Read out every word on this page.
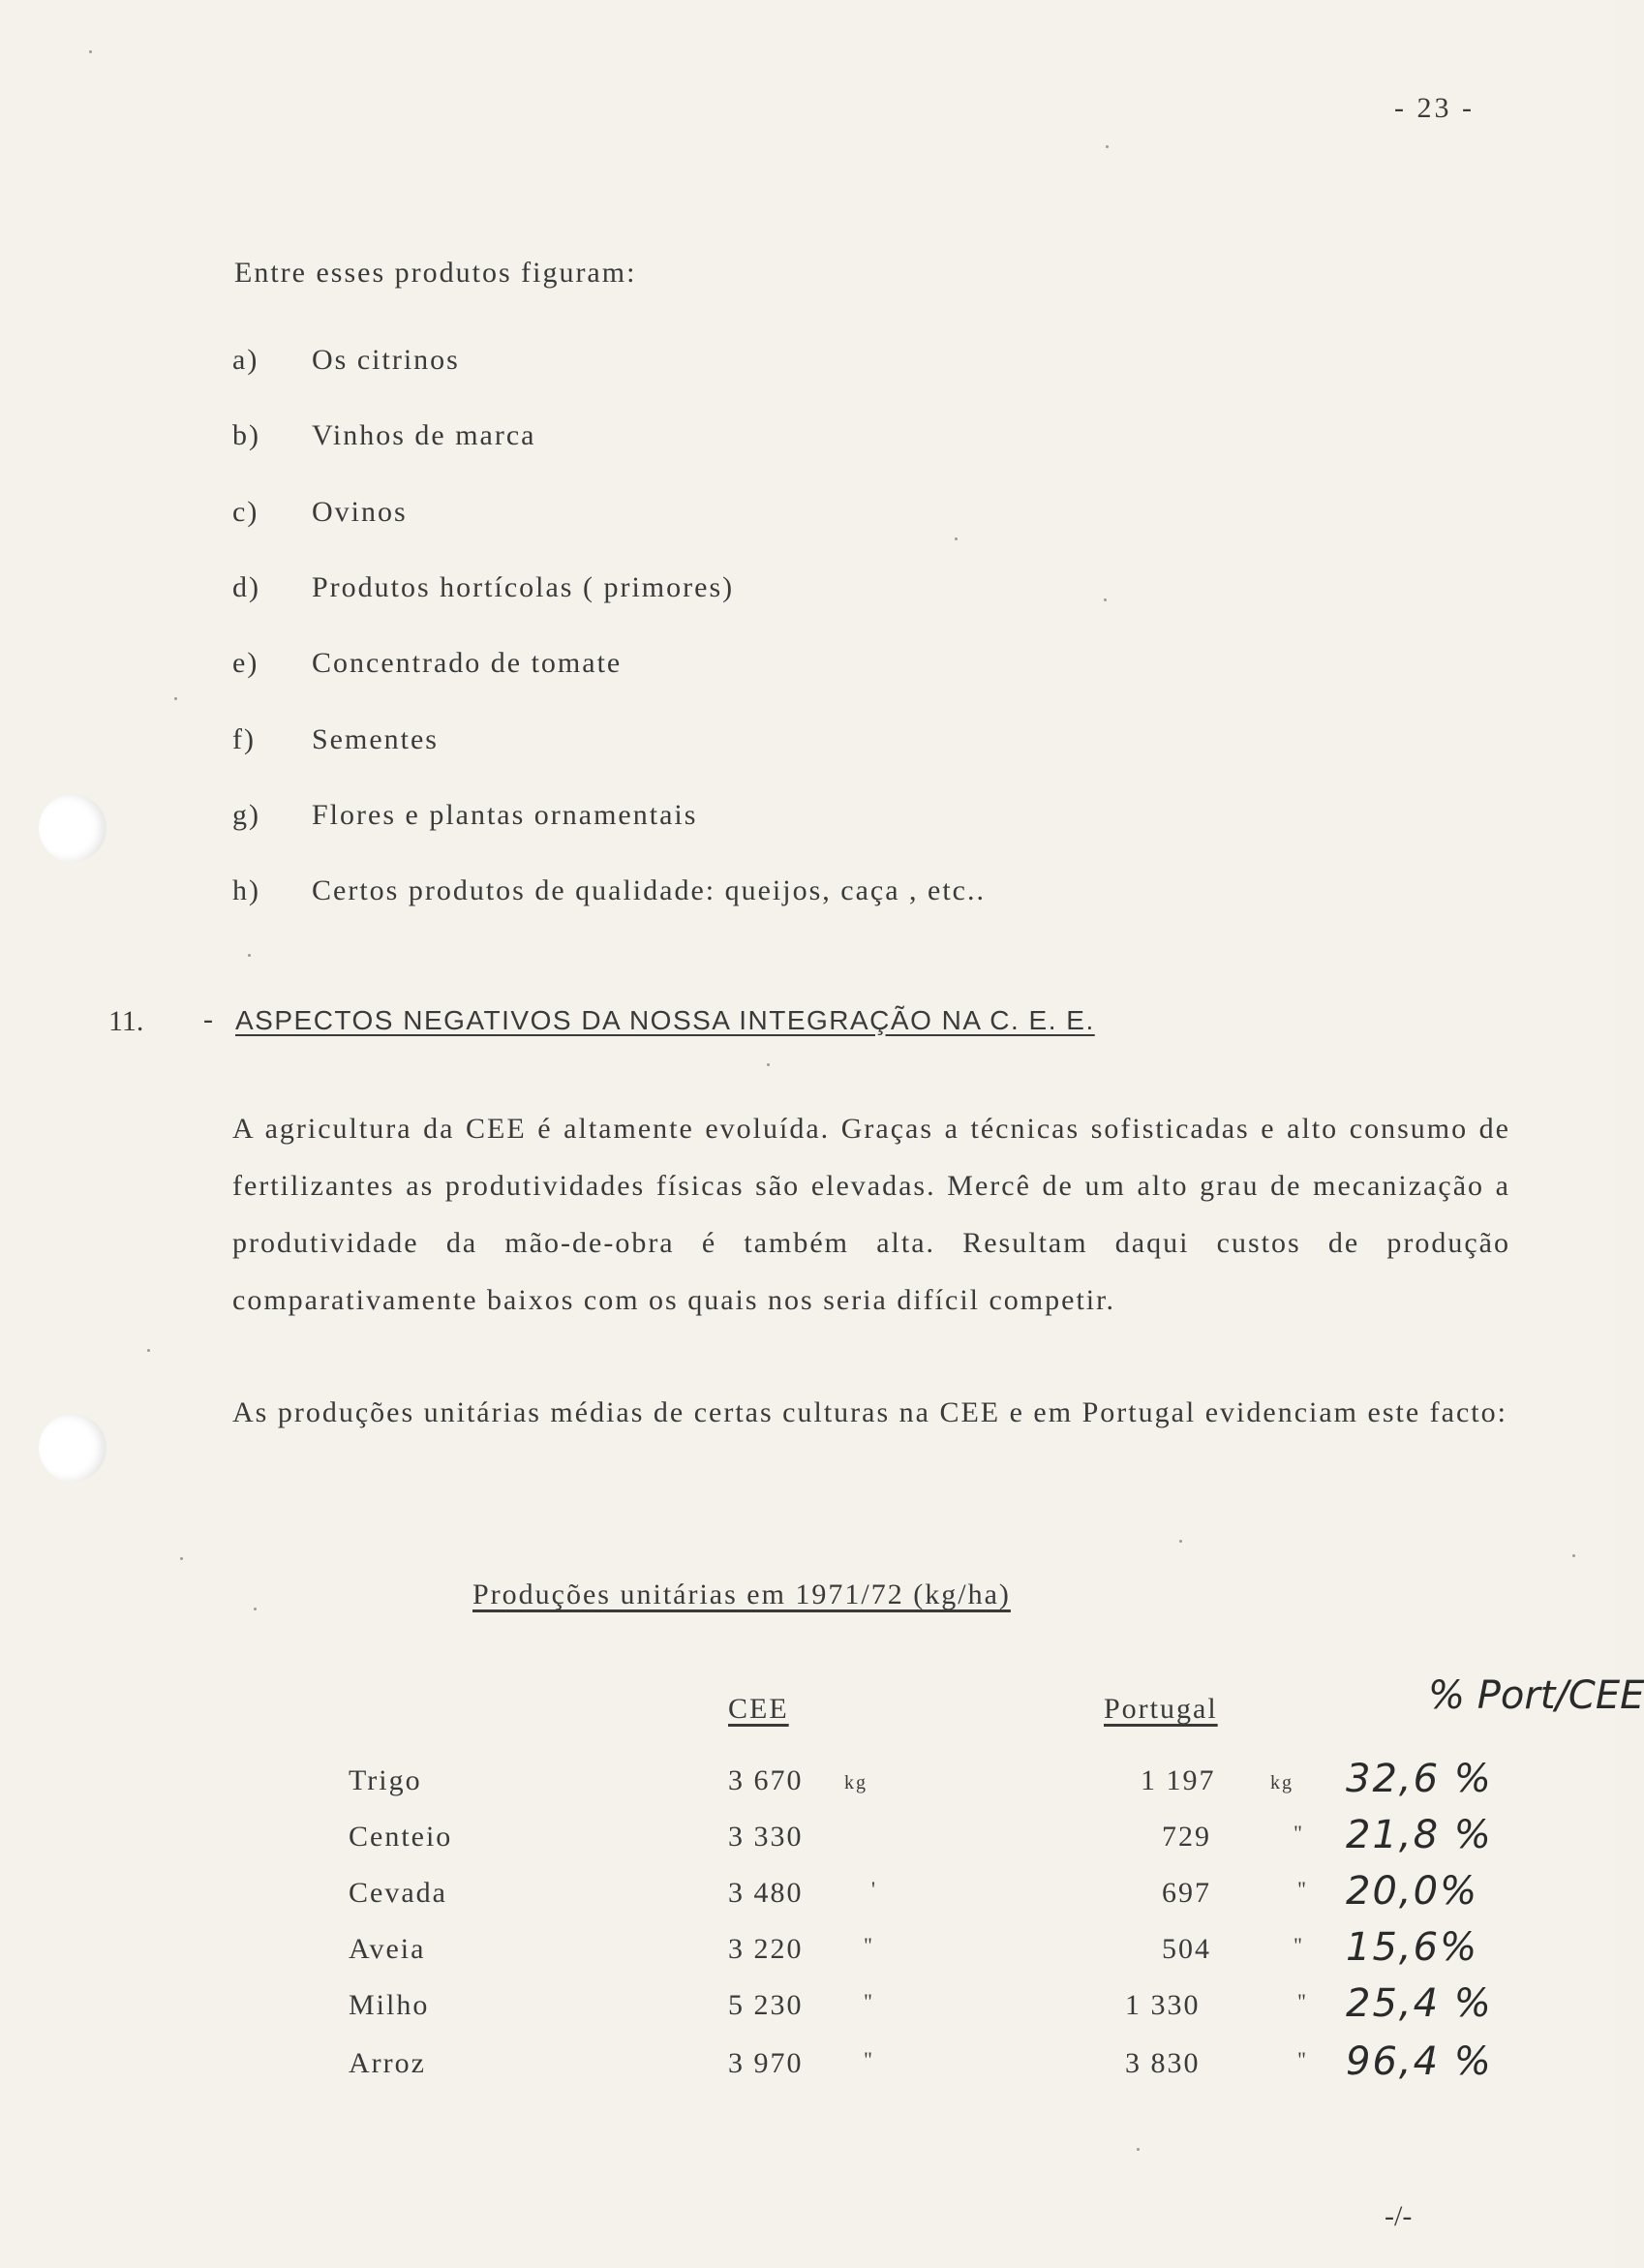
- 23 -
Entre esses produtos figuram:
a) Os citrinos
b) Vinhos de marca
c) Ovinos
d) Produtos hortícolas ( primores)
e) Concentrado de tomate
f) Sementes
g) Flores e plantas ornamentais
h) Certos produtos de qualidade: queijos, caça , etc..
11. - ASPECTOS NEGATIVOS DA NOSSA INTEGRAÇÃO NA C. E. E.
A agricultura da CEE é altamente evoluída. Graças a técnicas sofisticadas e alto consumo de fertilizantes as produtividades físicas são elevadas. Mercê de um alto grau de mecanização a produtividade da mão-de-obra é também alta. Resultam daqui custos de produção comparativamente baixos com os quais nos seria difícil competir.
As produções unitárias médias de certas culturas na CEE e em Portugal evidenciam este facto:
Produções unitárias em 1971/72 (kg/ha)
CEE	Portugal	% Port/CEE
Trigo	3 670 kg	1 197	kg 32,6 %
Centeio	3 330	729	" 21,8 %
Cevada	3 480	'	697	" 20,0%
Aveia	3 220	"	504	" 15,6%
Milho	5 230	"	1 330	" 25,4 %
Arroz	3 970	"	3 830	" 96,4 %
-/-
